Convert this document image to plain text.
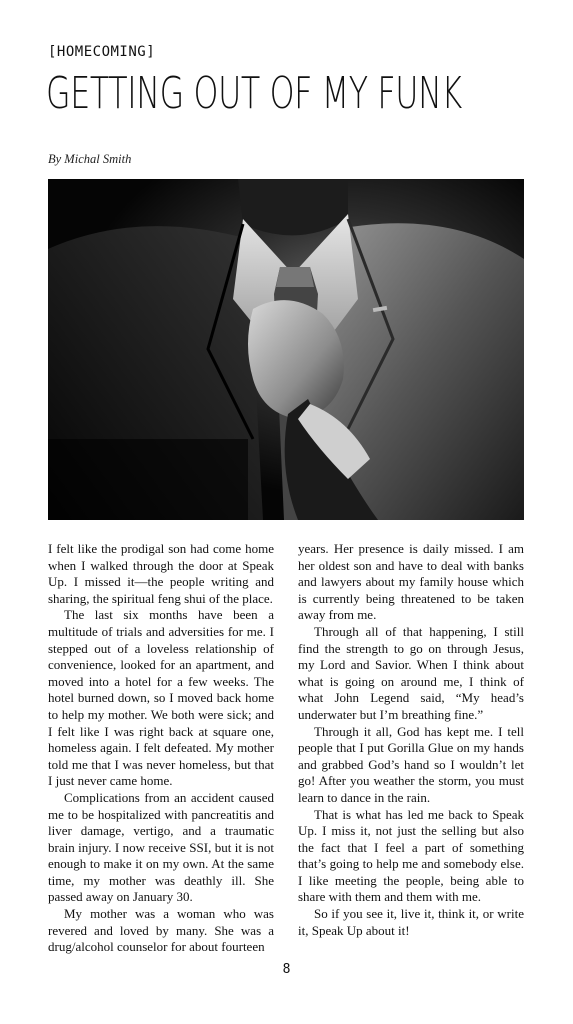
[HOMECOMING]
GETTING OUT OF MY FUNK
By Michal Smith

I felt like the prodigal son had come home when I walked through the door at Speak Up. I missed it—the people writing and sharing, the spiritual feng shui of the place.

The last six months have been a multitude of trials and adversities for me. I stepped out of a loveless relationship of convenience, looked for an apartment, and moved into a hotel for a few weeks. The hotel burned down, so I moved back home to help my mother. We both were sick; and I felt like I was right back at square one, homeless again. I felt defeated. My mother told me that I was never homeless, but that I just never came home.

Complications from an accident caused me to be hospitalized with pancreatitis and liver damage, vertigo, and a traumatic brain injury. I now receive SSI, but it is not enough to make it on my own. At the same time, my mother was deathly ill. She passed away on January 30.

My mother was a woman who was revered and loved by many. She was a drug/alcohol counselor for about fourteen

years. Her presence is daily missed. I am her oldest son and have to deal with banks and lawyers about my family house which is currently being threatened to be taken away from me.

Through all of that happening, I still find the strength to go on through Jesus, my Lord and Savior. When I think about what is going on around me, I think of what John Legend said, “My head’s underwater but I’m breathing fine.”

Through it all, God has kept me. I tell people that I put Gorilla Glue on my hands and grabbed God’s hand so I wouldn’t let go! After you weather the storm, you must learn to dance in the rain.

That is what has led me back to Speak Up. I miss it, not just the selling but also the fact that I feel a part of something that’s going to help me and somebody else. I like meeting the people, being able to share with them and them with me.

So if you see it, live it, think it, or write it, Speak Up about it!

8
